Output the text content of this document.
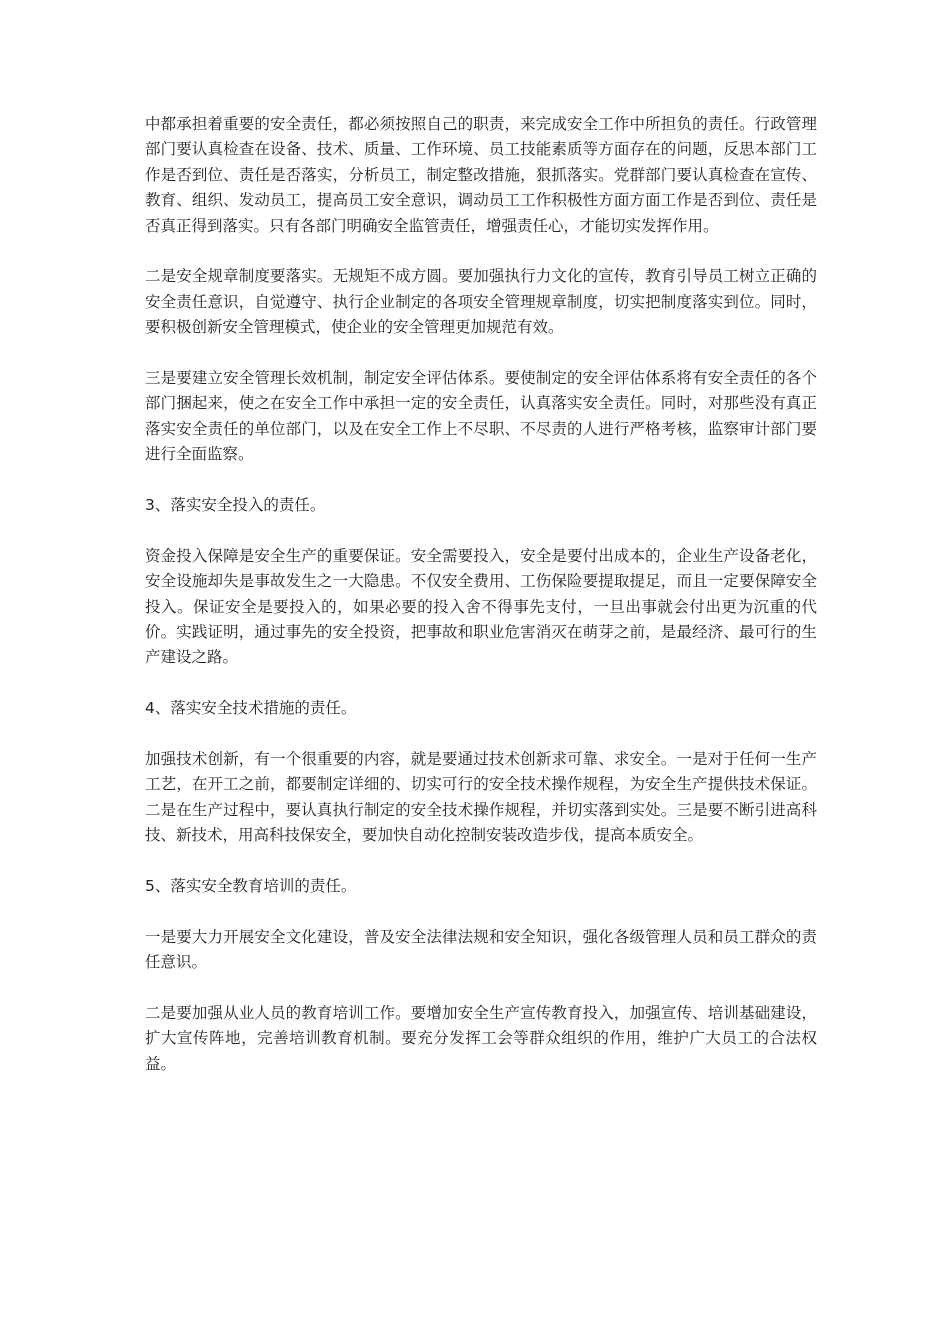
中都承担着重要的安全责任，都必须按照自己的职责，来完成安全工作中所担负的责任。行政管理部门要认真检查在设备、技术、质量、工作环境、员工技能素质等方面存在的问题，反思本部门工作是否到位、责任是否落实，分析员工，制定整改措施，狠抓落实。党群部门要认真检查在宣传、教育、组织、发动员工，提高员工安全意识，调动员工工作积极性方面方面工作是否到位、责任是否真正得到落实。只有各部门明确安全监管责任，增强责任心，才能切实发挥作用。

二是安全规章制度要落实。无规矩不成方圆。要加强执行力文化的宣传，教育引导员工树立正确的安全责任意识，自觉遵守、执行企业制定的各项安全管理规章制度，切实把制度落实到位。同时，要积极创新安全管理模式，使企业的安全管理更加规范有效。

三是要建立安全管理长效机制，制定安全评估体系。要使制定的安全评估体系将有安全责任的各个部门捆起来，使之在安全工作中承担一定的安全责任，认真落实安全责任。同时，对那些没有真正落实安全责任的单位部门，以及在安全工作上不尽职、不尽责的人进行严格考核，监察审计部门要进行全面监察。

3、落实安全投入的责任。

资金投入保障是安全生产的重要保证。安全需要投入，安全是要付出成本的，企业生产设备老化，安全设施却失是事故发生之一大隐患。不仅安全费用、工伤保险要提取提足，而且一定要保障安全投入。保证安全是要投入的，如果必要的投入舍不得事先支付，一旦出事就会付出更为沉重的代价。实践证明，通过事先的安全投资，把事故和职业危害消灭在萌芽之前，是最经济、最可行的生产建设之路。

4、落实安全技术措施的责任。

加强技术创新，有一个很重要的内容，就是要通过技术创新求可靠、求安全。一是对于任何一生产工艺，在开工之前，都要制定详细的、切实可行的安全技术操作规程，为安全生产提供技术保证。二是在生产过程中，要认真执行制定的安全技术操作规程，并切实落到实处。三是要不断引进高科技、新技术，用高科技保安全，要加快自动化控制安装改造步伐，提高本质安全。

5、落实安全教育培训的责任。

一是要大力开展安全文化建设，普及安全法律法规和安全知识，强化各级管理人员和员工群众的责任意识。

二是要加强从业人员的教育培训工作。要增加安全生产宣传教育投入，加强宣传、培训基础建设，扩大宣传阵地，完善培训教育机制。要充分发挥工会等群众组织的作用，维护广大员工的合法权益。
